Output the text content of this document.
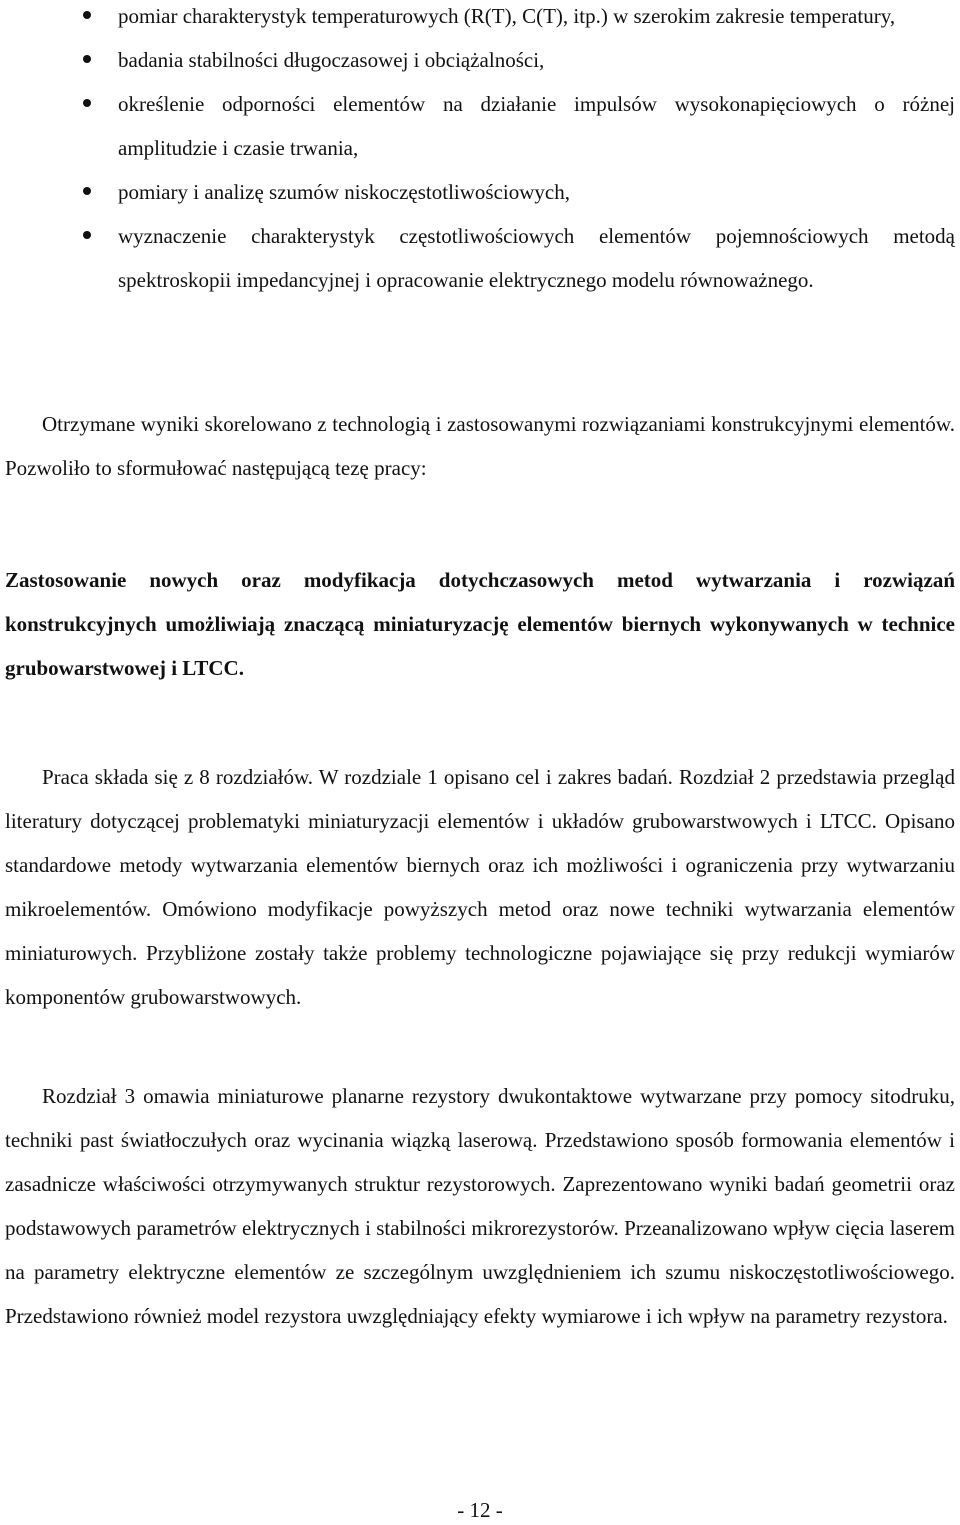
pomiar charakterystyk temperaturowych (R(T), C(T), itp.) w szerokim zakresie temperatury,
badania stabilności długoczasowej i obciążalności,
określenie odporności elementów na działanie impulsów wysokonapięciowych o różnej amplitudzie i czasie trwania,
pomiary i analizę szumów niskoczęstotliwościowych,
wyznaczenie charakterystyk częstotliwościowych elementów pojemnościowych metodą spektroskopii impedancyjnej i opracowanie elektrycznego modelu równoważnego.

Otrzymane wyniki skorelowano z technologią i zastosowanymi rozwiązaniami konstrukcyjnymi elementów. Pozwoliło to sformułować następującą tezę pracy:

Zastosowanie nowych oraz modyfikacja dotychczasowych metod wytwarzania i rozwiązań konstrukcyjnych umożliwiają znaczącą miniaturyzację elementów biernych wykonywanych w technice grubowarstwowej i LTCC.

Praca składa się z 8 rozdziałów. W rozdziale 1 opisano cel i zakres badań. Rozdział 2 przedstawia przegląd literatury dotyczącej problematyki miniaturyzacji elementów i układów grubowarstwowych i LTCC. Opisano standardowe metody wytwarzania elementów biernych oraz ich możliwości i ograniczenia przy wytwarzaniu mikroelementów. Omówiono modyfikacje powyższych metod oraz nowe techniki wytwarzania elementów miniaturowych. Przybliżone zostały także problemy technologiczne pojawiające się przy redukcji wymiarów komponentów grubowarstwowych.

Rozdział 3 omawia miniaturowe planarne rezystory dwukontaktowe wytwarzane przy pomocy sitodruku, techniki past światłoczułych oraz wycinania wiązką laserową. Przedstawiono sposób formowania elementów i zasadnicze właściwości otrzymywanych struktur rezystorowych. Zaprezentowano wyniki badań geometrii oraz podstawowych parametrów elektrycznych i stabilności mikrorezystorów. Przeanalizowano wpływ cięcia laserem na parametry elektryczne elementów ze szczególnym uwzględnieniem ich szumu niskoczęstotliwościowego. Przedstawiono również model rezystora uwzględniający efekty wymiarowe i ich wpływ na parametry rezystora.

- 12 -
